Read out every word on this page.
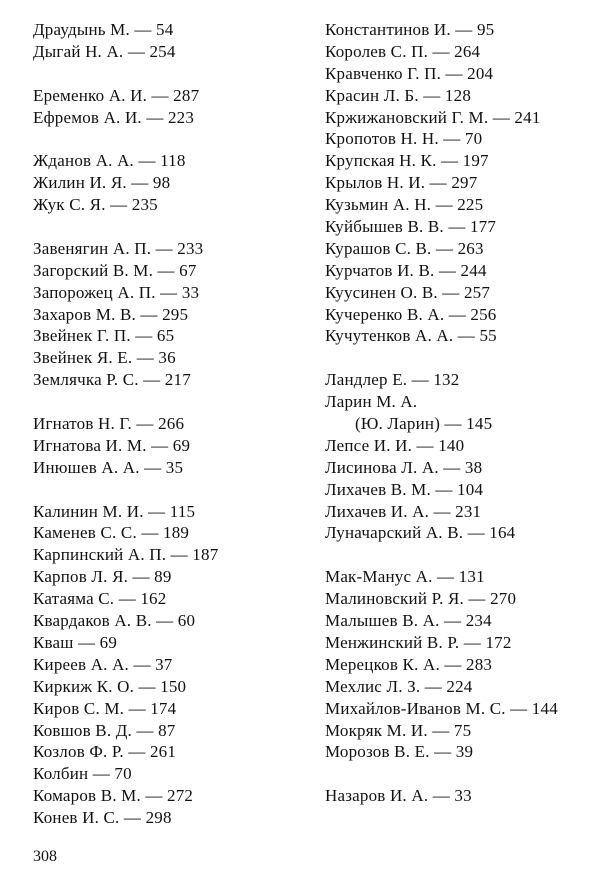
Драудынь М. — 54
Дыгай Н. А. — 254
Еременко А. И. — 287
Ефремов А. И. — 223
Жданов А. А. — 118
Жилин И. Я. — 98
Жук С. Я. — 235
Завенягин А. П. — 233
Загорский В. М. — 67
Запорожец А. П. — 33
Захаров М. В. — 295
Звейнек Г. П. — 65
Звейнек Я. Е. — 36
Землячка Р. С. — 217
Игнатов Н. Г. — 266
Игнатова И. М. — 69
Инюшев А. А. — 35
Калинин М. И. — 115
Каменев С. С. — 189
Карпинский А. П. — 187
Карпов Л. Я. — 89
Катаяма С. — 162
Квардаков А. В. — 60
Кваш — 69
Киреев А. А. — 37
Киркиж К. О. — 150
Киров С. М. — 174
Ковшов В. Д. — 87
Козлов Ф. Р. — 261
Колбин — 70
Комаров В. М. — 272
Конев И. С. — 298
Константинов И. — 95
Королев С. П. — 264
Кравченко Г. П. — 204
Красин Л. Б. — 128
Кржижановский Г. М. — 241
Кропотов Н. Н. — 70
Крупская Н. К. — 197
Крылов Н. И. — 297
Кузьмин А. Н. — 225
Куйбышев В. В. — 177
Курашов С. В. — 263
Курчатов И. В. — 244
Куусинен О. В. — 257
Кучеренко В. А. — 256
Кучутенков А. А. — 55
Ландлер Е. — 132
Ларин М. А.
(Ю. Ларин) — 145
Лепсе И. И. — 140
Лисинова Л. А. — 38
Лихачев В. М. — 104
Лихачев И. А. — 231
Луначарский А. В. — 164
Мак-Манус А. — 131
Малиновский Р. Я. — 270
Малышев В. А. — 234
Менжинский В. Р. — 172
Мерецков К. А. — 283
Мехлис Л. З. — 224
Михайлов-Иванов М. С. — 144
Мокряк М. И. — 75
Морозов В. Е. — 39
Назаров И. А. — 33
308
